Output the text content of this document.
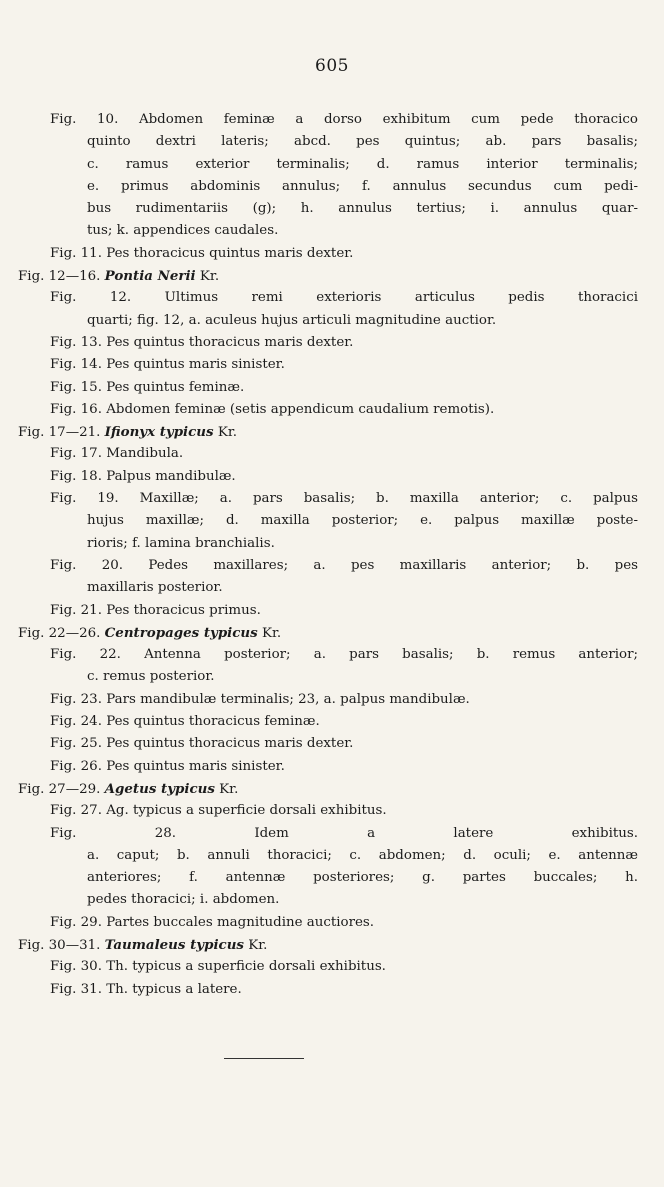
605
Fig. 10. Abdomen feminæ a dorso exhibitum cum pede thoracico
quinto dextri lateris; abcd. pes quintus; ab. pars basalis;
c. ramus exterior terminalis; d. ramus interior terminalis;
e. primus abdominis annulus; f. annulus secundus cum pedi-
bus rudimentariis (g); h. annulus tertius; i. annulus quar-
tus; k. appendices caudales.
Fig. 11. Pes thoracicus quintus maris dexter.
Fig. 12—16. Pontia Nerii Kr.
Fig. 12. Ultimus remi exterioris articulus pedis thoracici
quarti; fig. 12, a. aculeus hujus articuli magnitudine auctior.
Fig. 13. Pes quintus thoracicus maris dexter.
Fig. 14. Pes quintus maris sinister.
Fig. 15. Pes quintus feminæ.
Fig. 16. Abdomen feminæ (setis appendicum caudalium remotis).
Fig. 17—21. Ifionyx typicus Kr.
Fig. 17. Mandibula.
Fig. 18. Palpus mandibulæ.
Fig. 19. Maxillæ; a. pars basalis; b. maxilla anterior; c. palpus
hujus maxillæ; d. maxilla posterior; e. palpus maxillæ poste-
rioris; f. lamina branchialis.
Fig. 20. Pedes maxillares; a. pes maxillaris anterior; b. pes
maxillaris posterior.
Fig. 21. Pes thoracicus primus.
Fig. 22—26. Centropages typicus Kr.
Fig. 22. Antenna posterior; a. pars basalis; b. remus anterior;
c. remus posterior.
Fig. 23. Pars mandibulæ terminalis; 23, a. palpus mandibulæ.
Fig. 24. Pes quintus thoracicus feminæ.
Fig. 25. Pes quintus thoracicus maris dexter.
Fig. 26. Pes quintus maris sinister.
Fig. 27—29. Agetus typicus Kr.
Fig. 27. Ag. typicus a superficie dorsali exhibitus.
Fig. 28. Idem a latere exhibitus.
a. caput; b. annuli thoracici; c. abdomen; d. oculi; e. antennæ
anteriores; f. antennæ posteriores; g. partes buccales; h.
pedes thoracici; i. abdomen.
Fig. 29. Partes buccales magnitudine auctiores.
Fig. 30—31. Taumaleus typicus Kr.
Fig. 30. Th. typicus a superficie dorsali exhibitus.
Fig. 31. Th. typicus a latere.
